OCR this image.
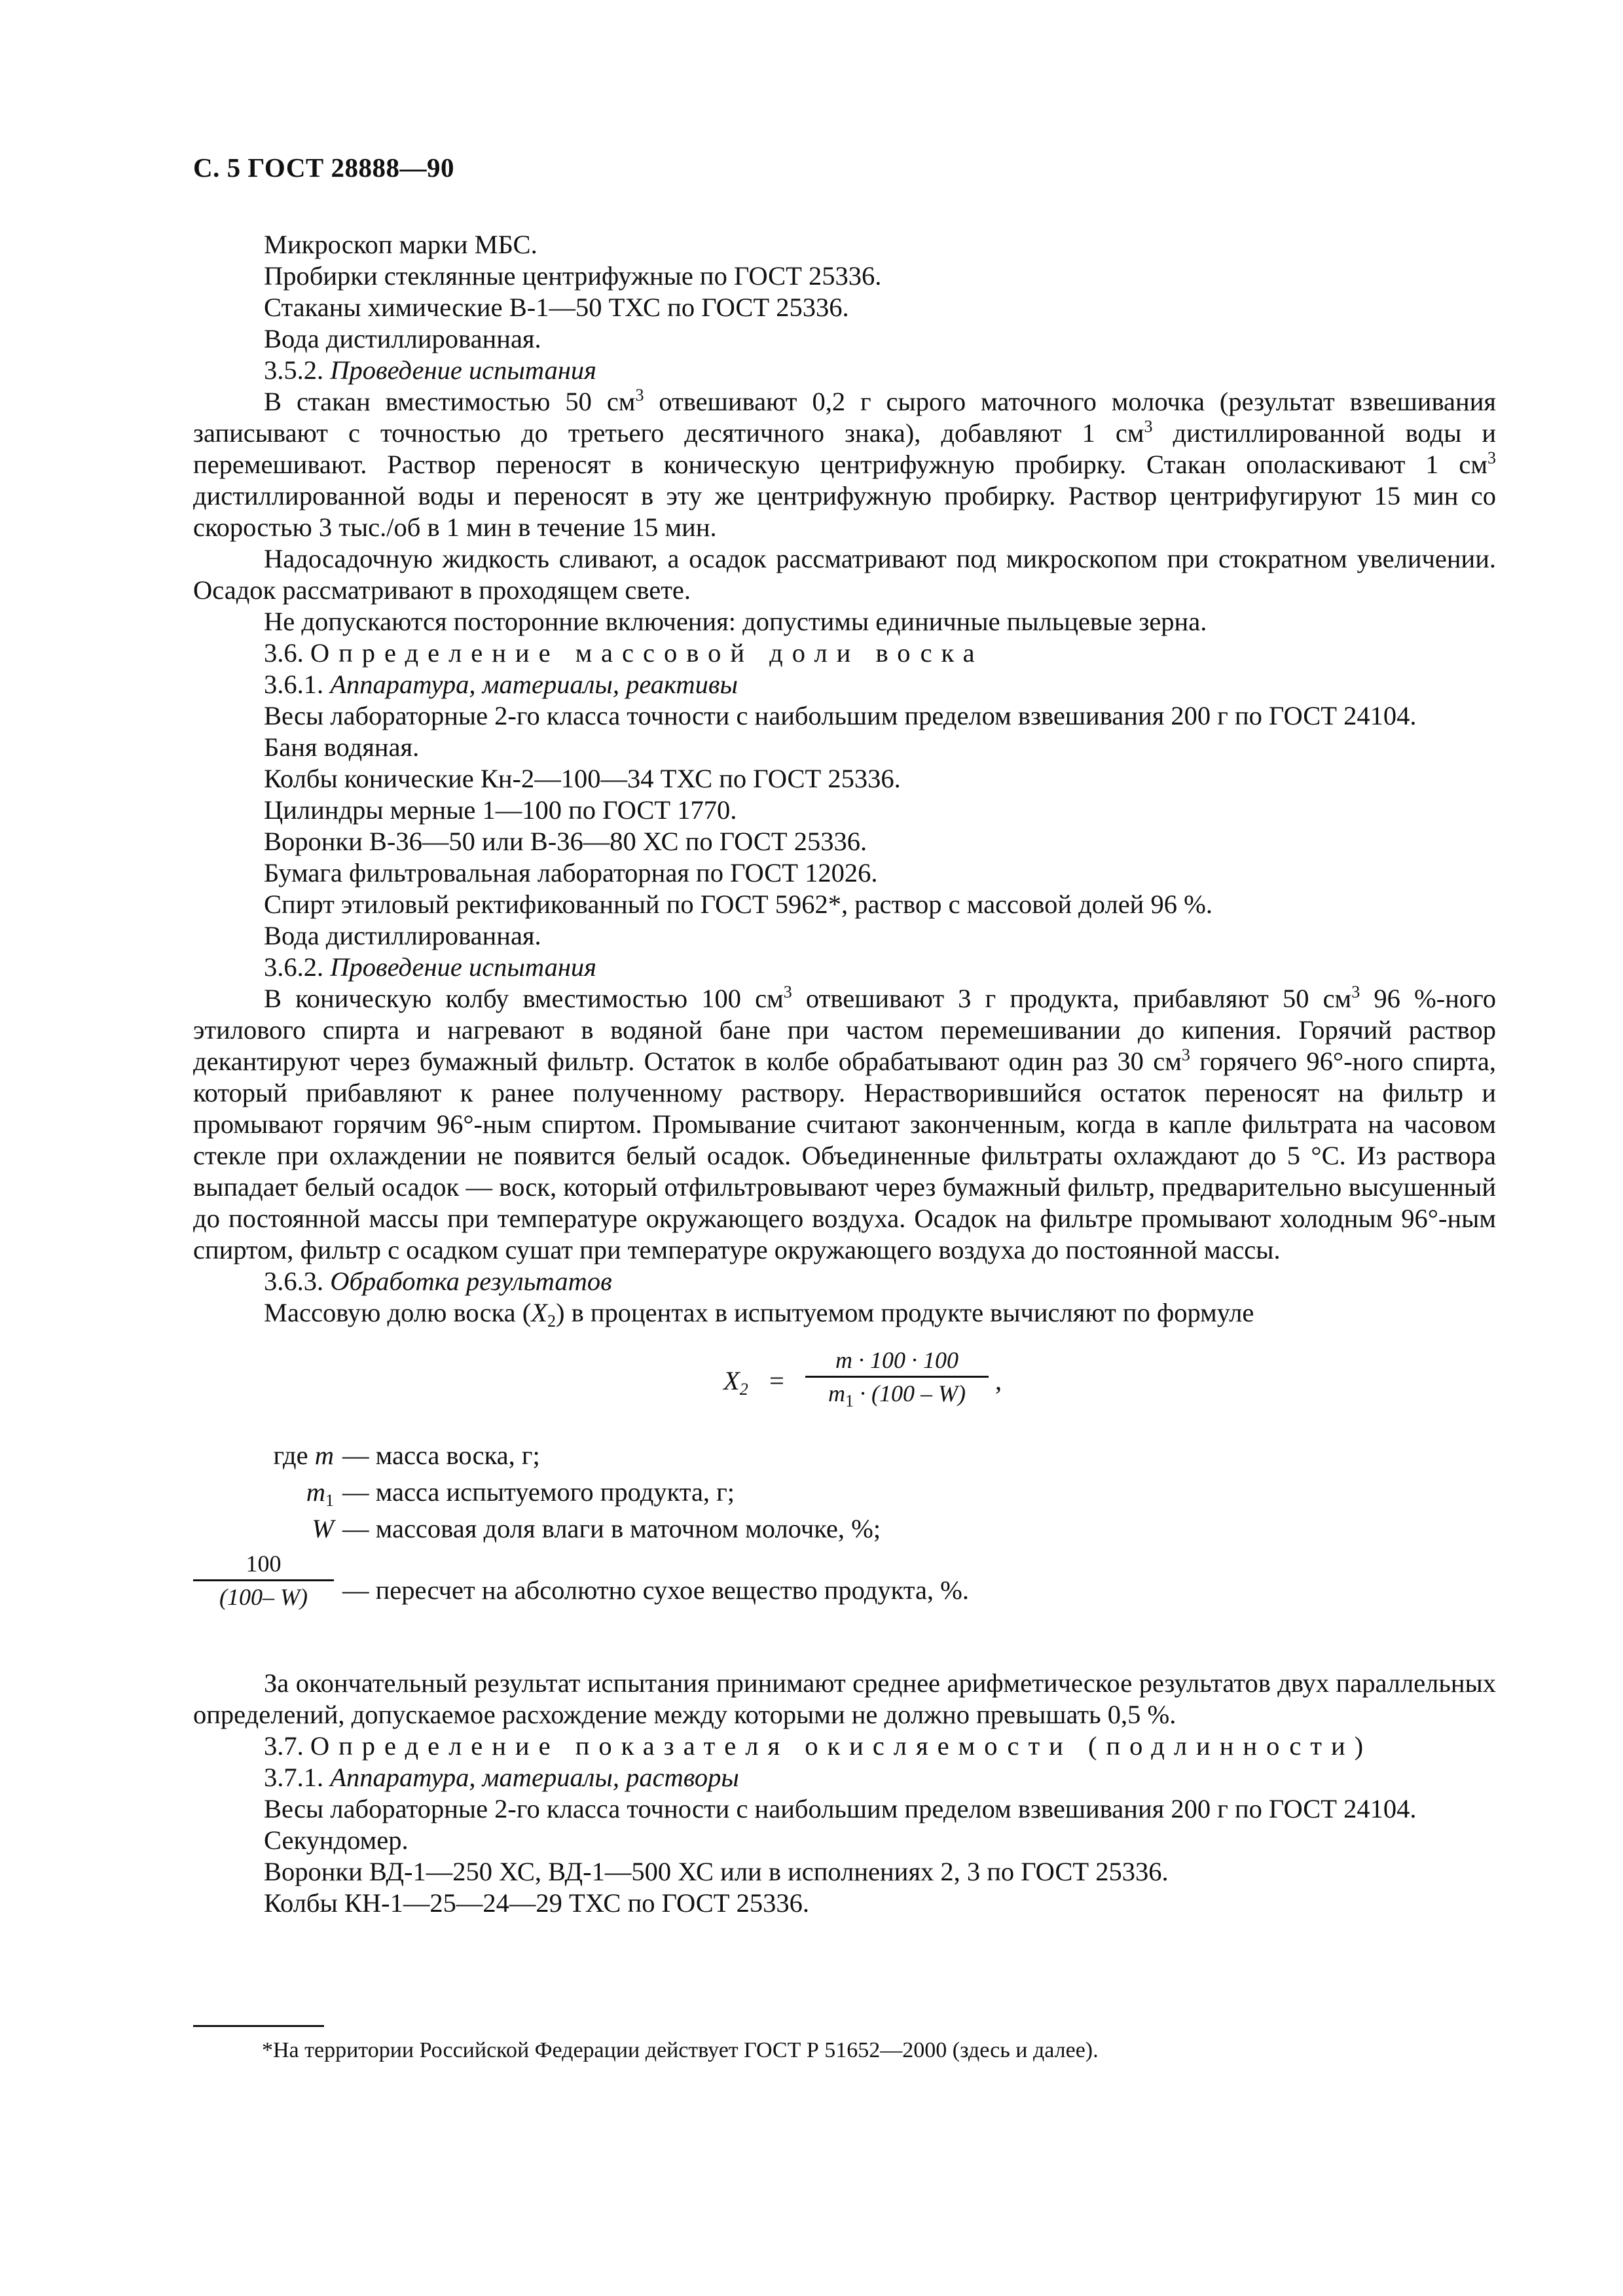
С. 5 ГОСТ 28888—90

Микроскоп марки МБС.

Пробирки стеклянные центрифужные по ГОСТ 25336.

Стаканы химические В-1—50 ТХС по ГОСТ 25336.

Вода дистиллированная.

3.5.2. Проведение испытания

В стакан вместимостью 50 $см^3$ отвешивают 0,2 г сырого маточного молочка (результат взвешивания записывают с точностью до третьего десятичного знака), добавляют 1 $см^3$ дистиллированной воды и перемешивают. Раствор переносят в коническую центрифужную пробирку. Стакан ополаскивают 1 $см^3$ дистиллированной воды и переносят в эту же центрифужную пробирку. Раствор центрифугируют 15 мин со скоростью 3 тыс./об в 1 мин в течение 15 мин.

Надосадочную жидкость сливают, а осадок рассматривают под микроскопом при стократном увеличении. Осадок рассматривают в проходящем свете.

Не допускаются посторонние включения: допустимы единичные пыльцевые зерна.

3.6. Определение массовой доли воска

3.6.1. Аппаратура, материалы, реактивы

Весы лабораторные 2-го класса точности с наибольшим пределом взвешивания 200 г по ГОСТ 24104.

Баня водяная.

Колбы конические Кн-2—100—34 ТХС по ГОСТ 25336.

Цилиндры мерные 1—100 по ГОСТ 1770.

Воронки В-36—50 или В-36—80 ХС по ГОСТ 25336.

Бумага фильтровальная лабораторная по ГОСТ 12026.

Спирт этиловый ректификованный по ГОСТ 5962*, раствор с массовой долей 96 %.

Вода дистиллированная.

3.6.2. Проведение испытания

В коническую колбу вместимостью 100 $см^3$ отвешивают 3 г продукта, прибавляют 50 $см^3$ 96 %-ного этилового спирта и нагревают в водяной бане при частом перемешивании до кипения. Горячий раствор декантируют через бумажный фильтр. Остаток в колбе обрабатывают один раз 30 $см^3$ горячего 96°-ного спирта, который прибавляют к ранее полученному раствору. Нерастворившийся остаток переносят на фильтр и промывают горячим 96°-ным спиртом. Промывание считают законченным, когда в капле фильтрата на часовом стекле при охлаждении не появится белый осадок. Объединенные фильтраты охлаждают до 5 °С. Из раствора выпадает белый осадок — воск, который отфильтровывают через бумажный фильтр, предварительно высушенный до постоянной массы при температуре окружающего воздуха. Осадок на фильтре промывают холодным 96°-ным спиртом, фильтр с осадком сушат при температуре окружающего воздуха до постоянной массы.

3.6.3. Обработка результатов

Массовую долю воска $(X_2)$ в процентах в испытуемом продукте вычисляют по формуле

$X_2$ =
m · 100 · 100
$m_1 \cdot (100 - W)$	,
где m — масса воска, г;
$m_1$ — масса испытуемого продукта, г;
W — массовая доля влаги в маточном молочке, %;
100
(100– W)	— пересчет на абсолютно сухое вещество продукта, %.

За окончательный результат испытания принимают среднее арифметическое результатов двух параллельных определений, допускаемое расхождение между которыми не должно превышать 0,5 %.

3.7. Определение показателя окисляемости (подлинности)

3.7.1. Аппаратура, материалы, растворы

Весы лабораторные 2-го класса точности с наибольшим пределом взвешивания 200 г по ГОСТ 24104.

Секундомер.

Воронки ВД-1—250 ХС, ВД-1—500 ХС или в исполнениях 2, 3 по ГОСТ 25336.

Колбы КН-1—25—24—29 ТХС по ГОСТ 25336.

*На территории Российской Федерации действует ГОСТ Р 51652—2000 (здесь и далее).
